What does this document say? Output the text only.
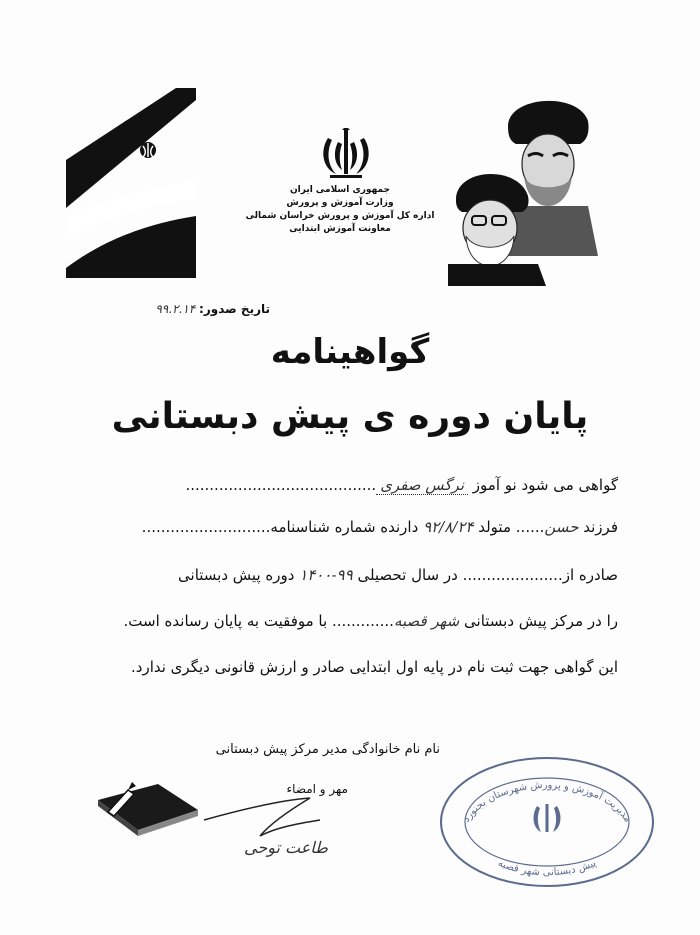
جمهوری اسلامی ایران
وزارت آموزش و پرورش
اداره کل آموزش و پرورش خراسان شمالی
معاونت آموزش ابتدایی
تاریخ صدور: ۹۹.۲.۱۴
گواهینامه
پایان دوره ی پیش دبستانی
گواهی می شود نو آموز نرگس صفری........................................
فرزند حسن...... متولد ۹۲/۸/۲۴ دارنده شماره شناسنامه...........................
صادره از..................... در سال تحصیلی ۹۹-۱۴۰۰ دوره پیش دبستانی
را در مرکز پیش دبستانی شهر قصبه............. با موفقیت به پایان رسانده است.
این گواهی جهت ثبت نام در پایه اول ابتدایی صادر و ارزش قانونی دیگری ندارد.
نام نام خانوادگی مدیر مرکز پیش دبستانی
مهر و امضاء
طاعت توحی
مدیریت آموزش و پرورش شهرستان بجنورد
پیش دبستانی شهر قصبه
